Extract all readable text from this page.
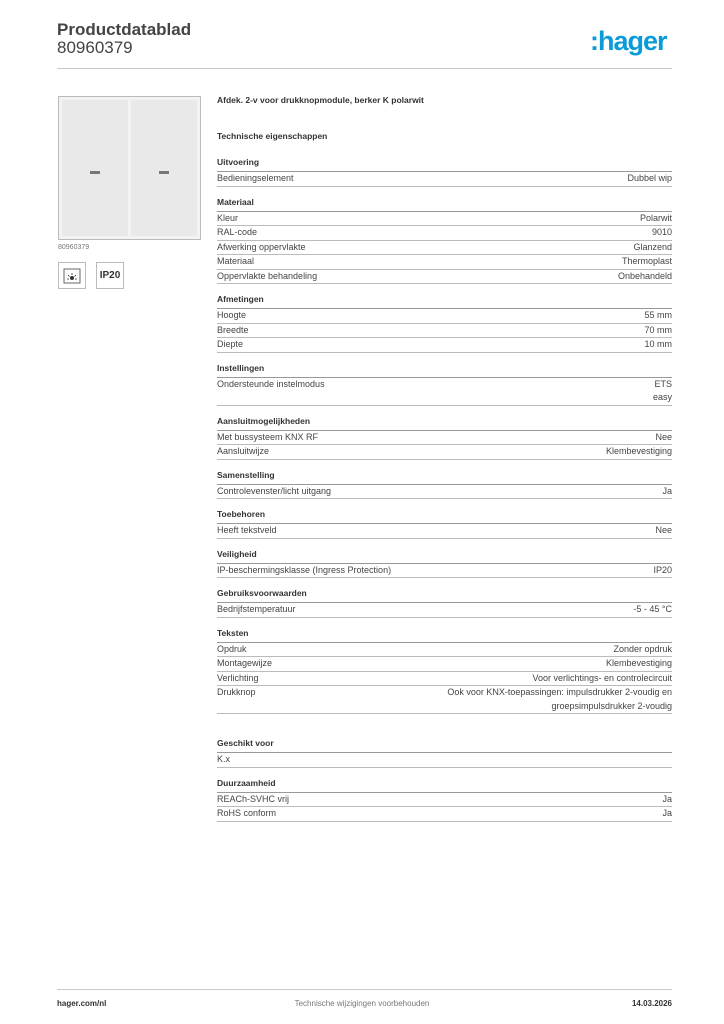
Productdatablad
80960379	:hager
80960379
IP20
Afdek. 2-v voor drukknopmodule, berker K polarwit
Technische eigenschappen
Uitvoering
Bedieningselement	Dubbel wip
Materiaal
Kleur	Polarwit
RAL-code	9010
Afwerking oppervlakte	Glanzend
Materiaal	Thermoplast
Oppervlakte behandeling	Onbehandeld
Afmetingen
Hoogte	55 mm
Breedte	70 mm
Diepte	10 mm
Instellingen
Ondersteunde instelmodus	ETS
easy
Aansluitmogelijkheden
Met bussysteem KNX RF	Nee
Aansluitwijze	Klembevestiging
Samenstelling
Controlevenster/licht uitgang	Ja
Toebehoren
Heeft tekstveld	Nee
Veiligheid
IP-beschermingsklasse (Ingress Protection)	IP20
Gebruiksvoorwaarden
Bedrijfstemperatuur	-5 - 45 °C
Teksten
Opdruk	Zonder opdruk
Montagewijze	Klembevestiging
Verlichting	Voor verlichtings- en controlecircuit
Drukknop	Ook voor KNX-toepassingen: impulsdrukker 2-voudig en
groepsimpulsdrukker 2-voudig
Geschikt voor
K.x
Duurzaamheid
REACh-SVHC vrij	Ja
RoHS conform	Ja
hager.com/nl	Technische wijzigingen voorbehouden	14.03.2026
